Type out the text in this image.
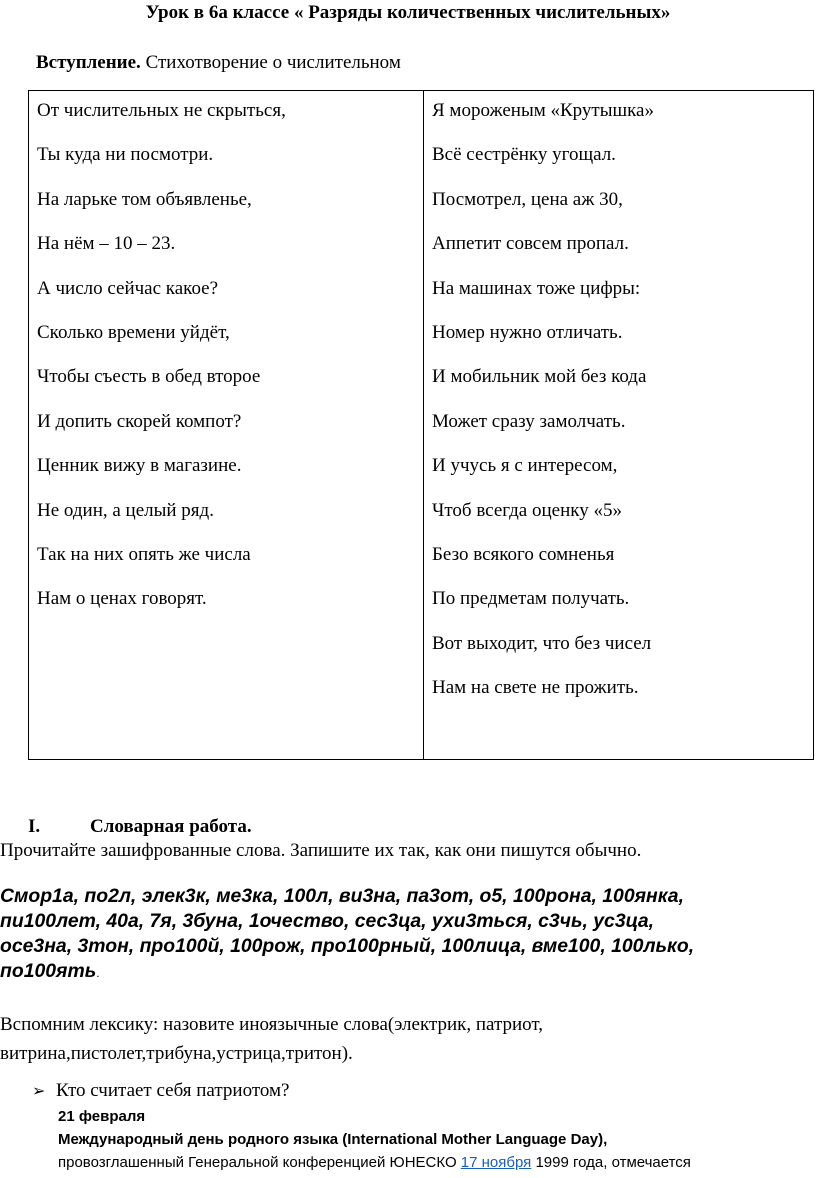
Урок в 6а классе « Разряды количественных числительных»
Вступление. Стихотворение о числительном
От числительных не скрыться,
Ты куда ни посмотри.
На ларьке том объявленье,
На нём – 10 – 23.
А число сейчас какое?
Сколько времени уйдёт,
Чтобы съесть в обед второе
И допить скорей компот?
Ценник вижу в магазине.
Не один, а целый ряд.
Так на них опять же числа
Нам о ценах говорят.
Я мороженым «Крутышка»
Всё сестрёнку угощал.
Посмотрел, цена аж 30,
Аппетит совсем пропал.
На машинах тоже цифры:
Номер нужно отличать.
И мобильник мой без кода
Может сразу замолчать.
И учусь я с интересом,
Чтоб всегда оценку «5»
Безо всякого сомненья
По предметам получать.
Вот выходит, что без чисел
Нам на свете не прожить.
I.	Словарная работа.
Прочитайте зашифрованные слова. Запишите их так, как они пишутся обычно.
Смор1а, по2л, элек3к, ме3ка, 100л, ви3на, па3от, о5, 100рона, 100янка,
пи100лет, 40а, 7я, 3буна, 1очество, сес3ца, ухи3ться, с3чь, ус3ца,
осе3на, 3тон, про100й, 100рож, про100рный, 100лица, вме100, 100лько,
по100ять.
Вспомним лексику: назовите иноязычные слова(электрик, патриот,
витрина,пистолет,трибуна,устрица,тритон).
➢ Кто считает себя патриотом?
21 февраля
Международный день родного языка (International Mother Language Day),
провозглашенный Генеральной конференцией ЮНЕСКО 17 ноября 1999 года, отмечается
